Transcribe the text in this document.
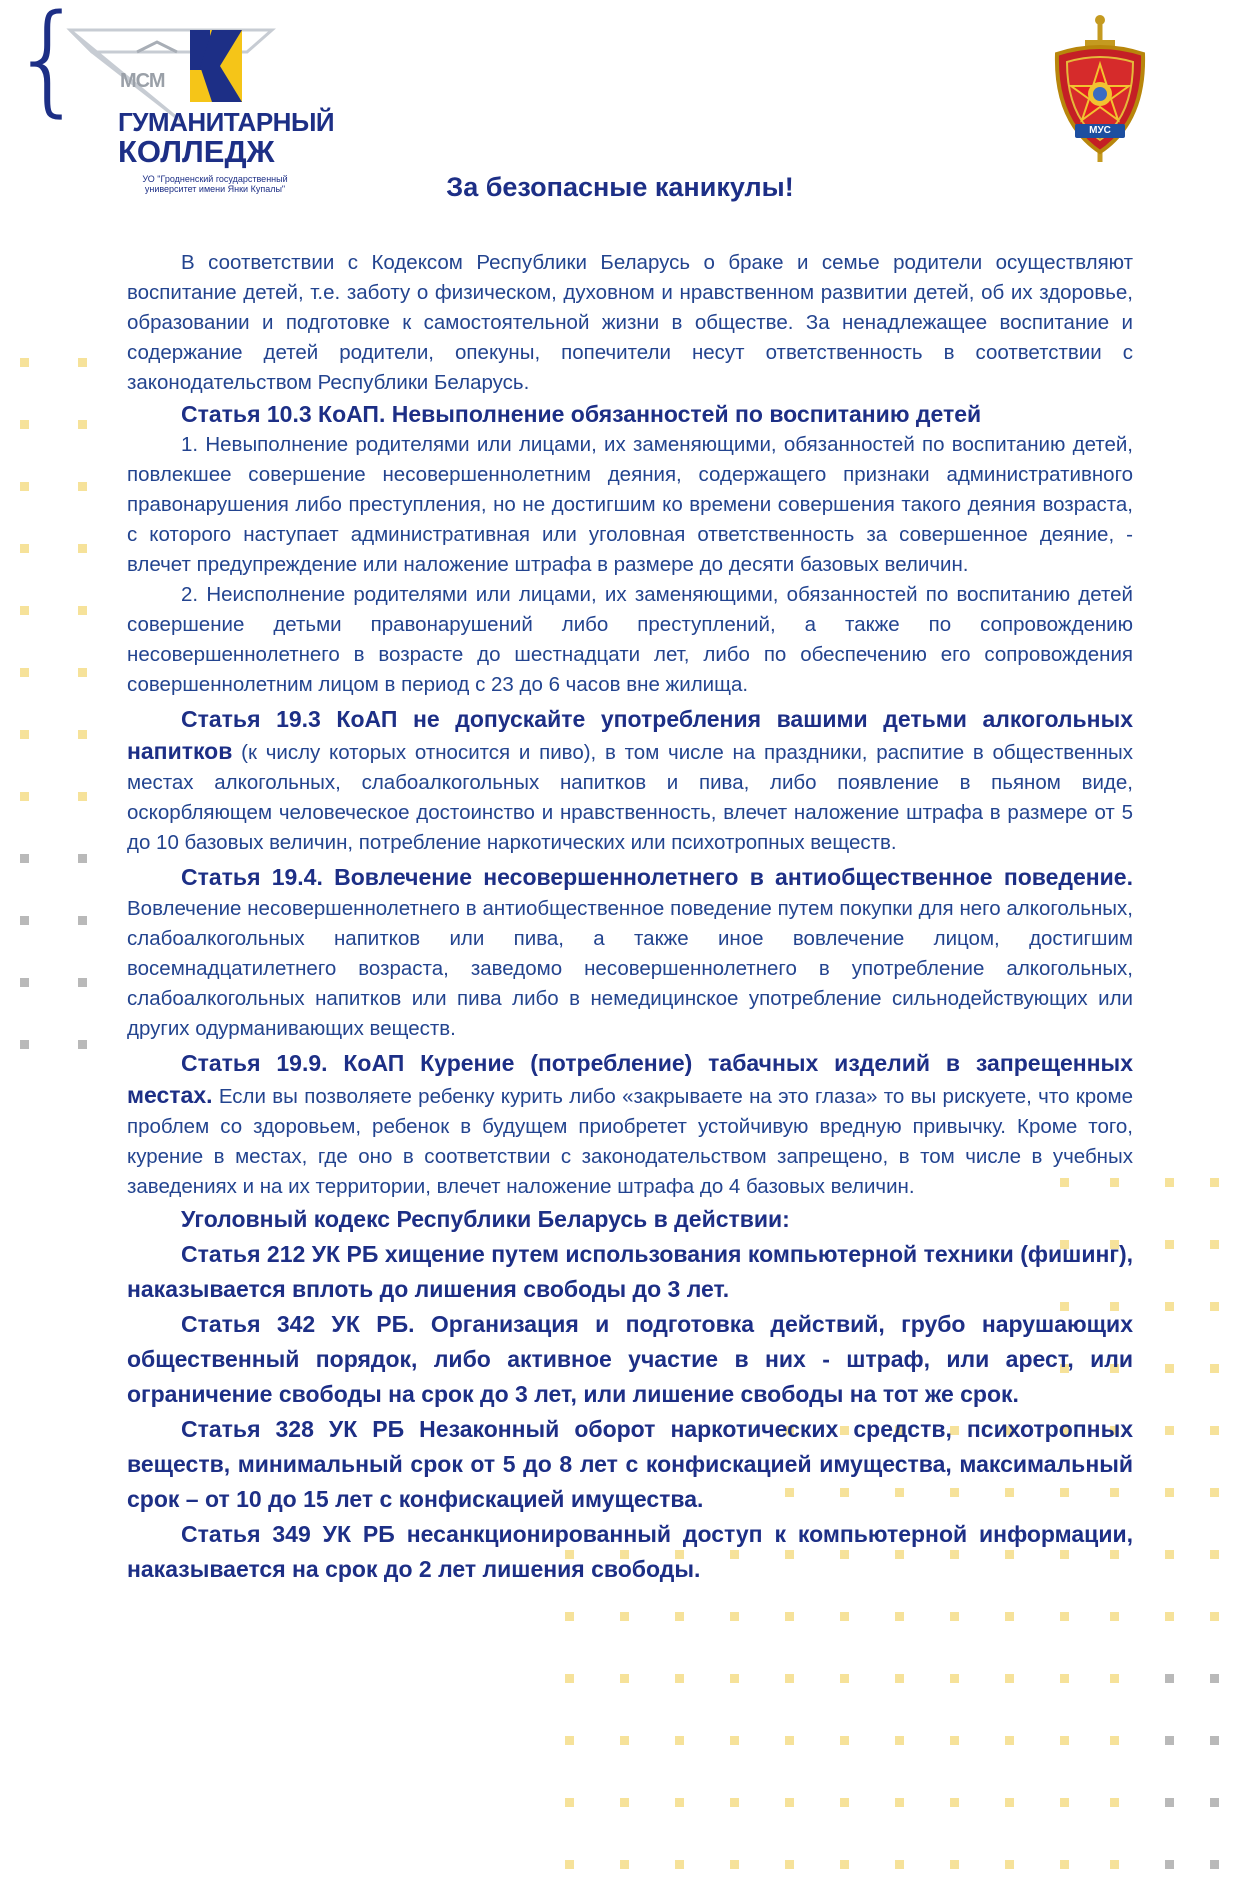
{ МСМ
ГУМАНИТАРНЫЙ
КОЛЛЕДЖ
УО "Гродненский государственный университет имени Янки Купалы"
МУС
За безопасные каникулы!

В соответствии с Кодексом Республики Беларусь о браке и семье родители осуществляют воспитание детей, т.е. заботу о физическом, духовном и нравственном развитии детей, об их здоровье, образовании и подготовке к самостоятельной жизни в обществе. За ненадлежащее воспитание и содержание детей родители, опекуны, попечители несут ответственность в соответствии с законодательством Республики Беларусь.

Статья 10.3 КоАП. Невыполнение обязанностей по воспитанию детей

1. Невыполнение родителями или лицами, их заменяющими, обязанностей по воспитанию детей, повлекшее совершение несовершеннолетним деяния, содержащего признаки административного правонарушения либо преступления, но не достигшим ко времени совершения такого деяния возраста, с которого наступает административная или уголовная ответственность за совершенное деяние, - влечет предупреждение или наложение штрафа в размере до десяти базовых величин.

2. Неисполнение родителями или лицами, их заменяющими, обязанностей по воспитанию детей совершение детьми правонарушений либо преступлений, а также по сопровождению несовершеннолетнего в возрасте до шестнадцати лет, либо по обеспечению его сопровождения совершеннолетним лицом в период с 23 до 6 часов вне жилища.

Статья 19.3 КоАП не допускайте употребления вашими детьми алкогольных напитков (к числу которых относится и пиво), в том числе на праздники, распитие в общественных местах алкогольных, слабоалкогольных напитков и пива, либо появление в пьяном виде, оскорбляющем человеческое достоинство и нравственность, влечет наложение штрафа в размере от 5 до 10 базовых величин, потребление наркотических или психотропных веществ.

Статья 19.4. Вовлечение несовершеннолетнего в антиобщественное поведение. Вовлечение несовершеннолетнего в антиобщественное поведение путем покупки для него алкогольных, слабоалкогольных напитков или пива, а также иное вовлечение лицом, достигшим восемнадцатилетнего возраста, заведомо несовершеннолетнего в употребление алкогольных, слабоалкогольных напитков или пива либо в немедицинское употребление сильнодействующих или других одурманивающих веществ.

Статья 19.9. КоАП Курение (потребление) табачных изделий в запрещенных местах. Если вы позволяете ребенку курить либо «закрываете на это глаза» то вы рискуете, что кроме проблем со здоровьем, ребенок в будущем приобретет устойчивую вредную привычку. Кроме того, курение в местах, где оно в соответствии с законодательством запрещено, в том числе в учебных заведениях и на их территории, влечет наложение штрафа до 4 базовых величин.

Уголовный кодекс Республики Беларусь в действии:

Статья 212 УК РБ хищение путем использования компьютерной техники (фишинг), наказывается вплоть до лишения свободы до 3 лет.

Статья 342 УК РБ. Организация и подготовка действий, грубо нарушающих общественный порядок, либо активное участие в них - штраф, или арест, или ограничение свободы на срок до 3 лет, или лишение свободы на тот же срок.

Статья 328 УК РБ Незаконный оборот наркотических средств, психотропных веществ, минимальный срок от 5 до 8 лет с конфискацией имущества, максимальный срок – от 10 до 15 лет с конфискацией имущества.

Статья 349 УК РБ несанкционированный доступ к компьютерной информации, наказывается на срок до 2 лет лишения свободы.
